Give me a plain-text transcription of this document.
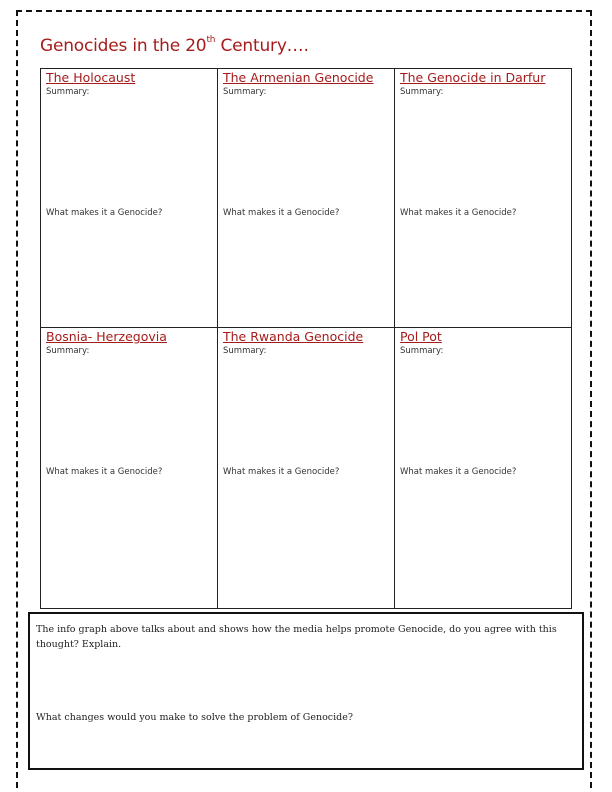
Genocides in the 20th Century….
The Holocaust
Summary:
What makes it a Genocide?
The Armenian Genocide
Summary:
What makes it a Genocide?
The Genocide in Darfur
Summary:
What makes it a Genocide?
Bosnia- Herzegovia
Summary:
What makes it a Genocide?
The Rwanda Genocide
Summary:
What makes it a Genocide?
Pol Pot
Summary:
What makes it a Genocide?
The info graph above talks about and shows how the media helps promote Genocide, do you agree with this thought? Explain.
What changes would you make to solve the problem of Genocide?
